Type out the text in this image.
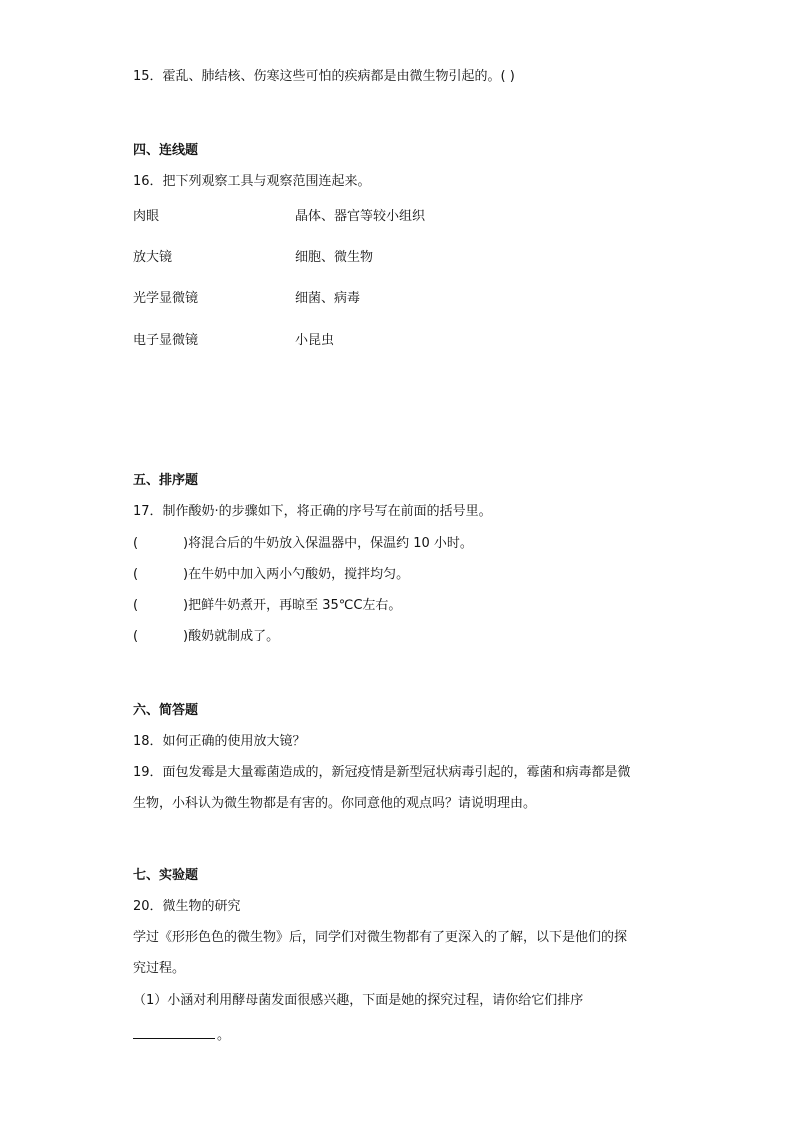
15．霍乱、肺结核、伤寒这些可怕的疾病都是由微生物引起的。( )
四、连线题
16．把下列观察工具与观察范围连起来。
肉眼	晶体、器官等较小组织
放大镜	细胞、微生物
光学显微镜	细菌、病毒
电子显微镜	小昆虫
五、排序题
17．制作酸奶·的步骤如下，将正确的序号写在前面的括号里。
(	)将混合后的牛奶放入保温器中，保温约 10 小时。
(	)在牛奶中加入两小勺酸奶，搅拌均匀。
(	)把鲜牛奶煮开，再晾至 35℃C左右。
(	)酸奶就制成了。
六、简答题
18．如何正确的使用放大镜？
19．面包发霉是大量霉菌造成的，新冠疫情是新型冠状病毒引起的，霉菌和病毒都是微
生物，小科认为微生物都是有害的。你同意他的观点吗？请说明理由。
七、实验题
20．微生物的研究
学过《形形色色的微生物》后，同学们对微生物都有了更深入的了解，以下是他们的探
究过程。
（1）小涵对利用酵母菌发面很感兴趣，下面是她的探究过程，请你给它们排序
。
